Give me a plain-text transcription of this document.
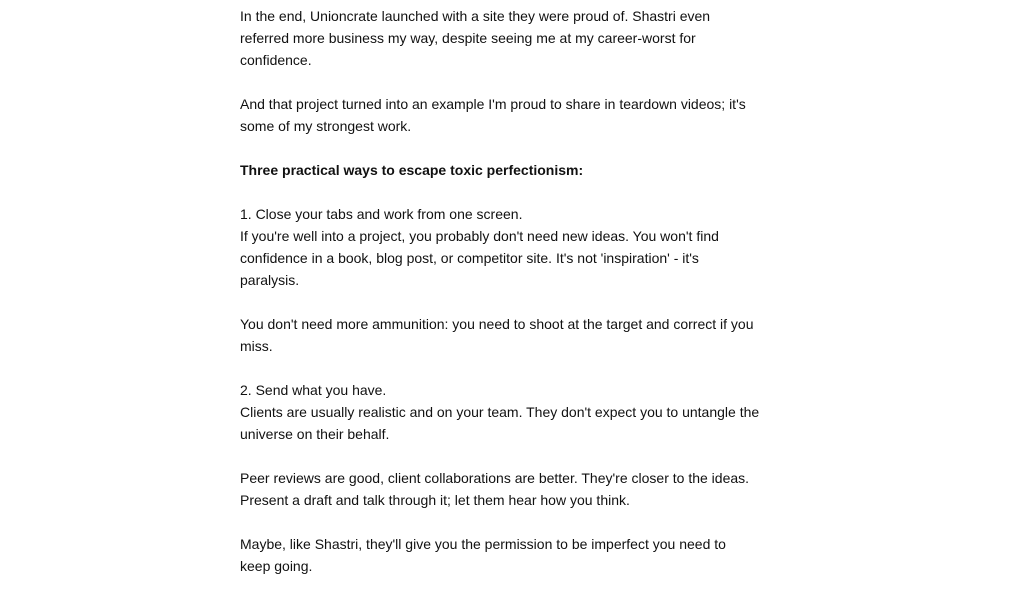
In the end, Unioncrate launched with a site they were proud of. Shastri even referred more business my way, despite seeing me at my career-worst for confidence.

And that project turned into an example I'm proud to share in teardown videos; it's some of my strongest work.

Three practical ways to escape toxic perfectionism:

1. Close your tabs and work from one screen.

If you're well into a project, you probably don't need new ideas. You won't find confidence in a book, blog post, or competitor site. It's not 'inspiration' - it's paralysis.

You don't need more ammunition: you need to shoot at the target and correct if you miss.

2. Send what you have.

Clients are usually realistic and on your team. They don't expect you to untangle the universe on their behalf.

Peer reviews are good, client collaborations are better. They're closer to the ideas. Present a draft and talk through it; let them hear how you think.

Maybe, like Shastri, they'll give you the permission to be imperfect you need to keep going.
